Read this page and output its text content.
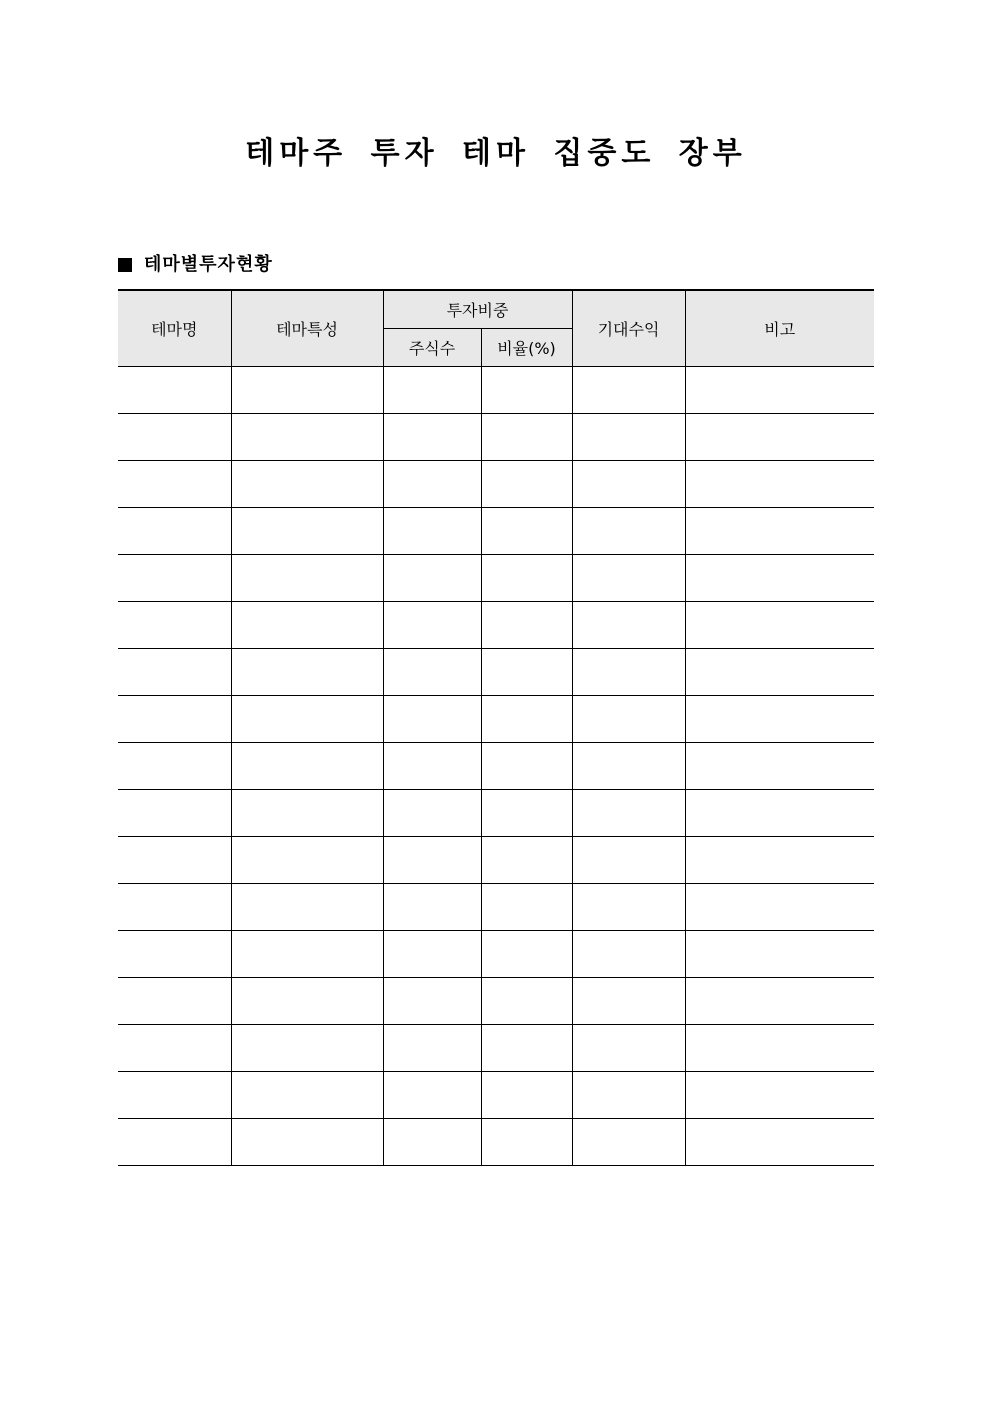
테마주 투자 테마 집중도 장부
테마별투자현황
테마명	테마특성	투자비중		기대수익	비고
		주식수	비율(%)		
